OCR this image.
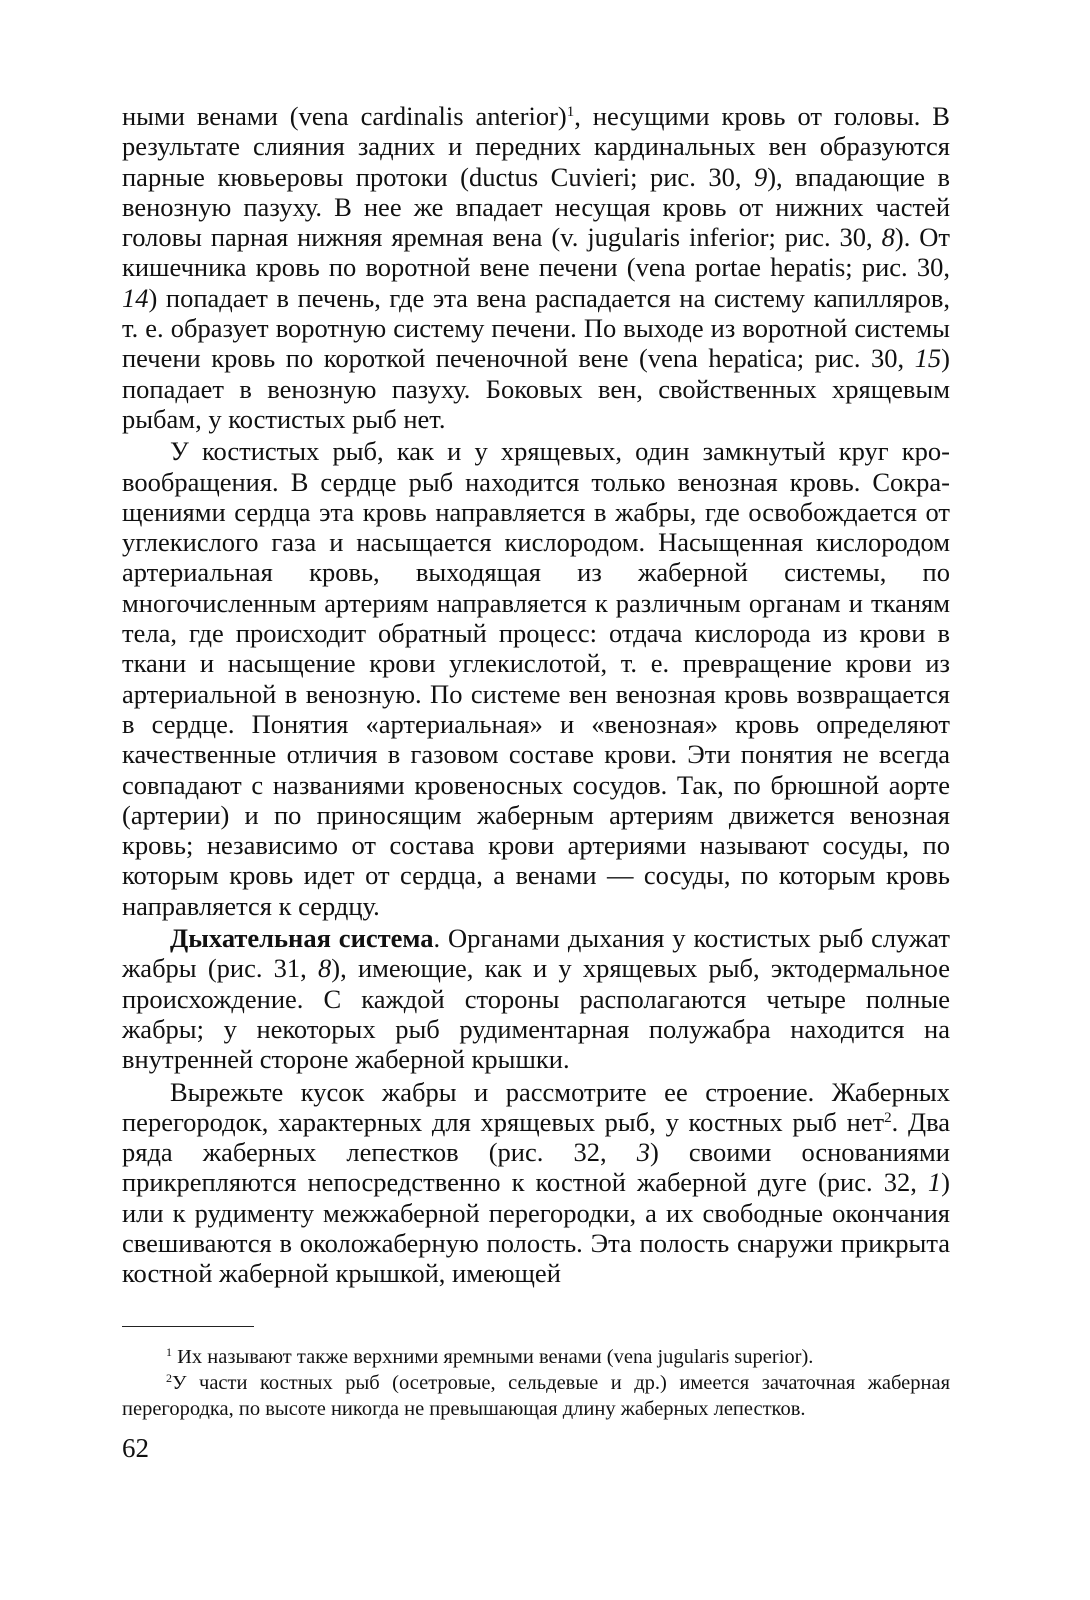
ными венами (vena cardinalis anterior)$^1$, несущими кровь от головы. В результате слияния задних и передних кардинальных вен образуются парные кювьеровы протоки (ductus Cuvieri; рис. 30, 9), впадающие в венозную пазуху. В нее же впадает несущая кровь от нижних частей головы парная нижняя яремная вена (v. jugularis inferior; рис. 30, 8). От кишечника кровь по воротной вене печени (vena portae hepatis; рис. 30, 14) попадает в печень, где эта вена распадается на систему капилляров, т. е. образует воротную систему печени. По выходе из воротной системы печени кровь по короткой печеночной вене (vena hepatica; рис. 30, 15) попадает в венозную пазуху. Боковых вен, свойственных хрящевым рыбам, у костистых рыб нет.

У костистых рыб, как и у хрящевых, один замкнутый круг кровообращения. В сердце рыб находится только венозная кровь. Сокращениями сердца эта кровь направляется в жабры, где освобождается от углекислого газа и насыщается кислородом. Насыщенная кислородом артериальная кровь, выходящая из жаберной системы, по многочисленным артериям направляется к различным органам и тканям тела, где происходит обратный процесс: отдача кислорода из крови в ткани и насыщение крови углекислотой, т. е. превращение крови из артериальной в венозную. По системе вен венозная кровь возвращается в сердце. Понятия «артериальная» и «венозная» кровь определяют качественные отличия в газовом составе крови. Эти понятия не всегда совпадают с названиями кровеносных сосудов. Так, по брюшной аорте (артерии) и по приносящим жаберным артериям движется венозная кровь; независимо от состава крови артериями называют сосуды, по которым кровь идет от сердца, а венами — сосуды, по которым кровь направляется к сердцу.

Дыхательная система. Органами дыхания у костистых рыб служат жабры (рис. 31, 8), имеющие, как и у хрящевых рыб, эктодермальное происхождение. С каждой стороны располагаются четыре полные жабры; у некоторых рыб рудиментарная полужабра находится на внутренней стороне жаберной крышки.

Вырежьте кусок жабры и рассмотрите ее строение. Жаберных перегородок, характерных для хрящевых рыб, у костных рыб нет$^2$. Два ряда жаберных лепестков (рис. 32, 3) своими основаниями прикрепляются непосредственно к костной жаберной дуге (рис. 32, 1) или к рудименту межжаберной перегородки, а их свободные окончания свешиваются в околожаберную полость. Эта полость снаружи прикрыта костной жаберной крышкой, имеющей

$^1$ Их называют также верхними яремными венами (vena jugularis superior).

$^2$У части костных рыб (осетровые, сельдевые и др.) имеется зачаточная жаберная перегородка, по высоте никогда не превышающая длину жаберных лепестков.

62
